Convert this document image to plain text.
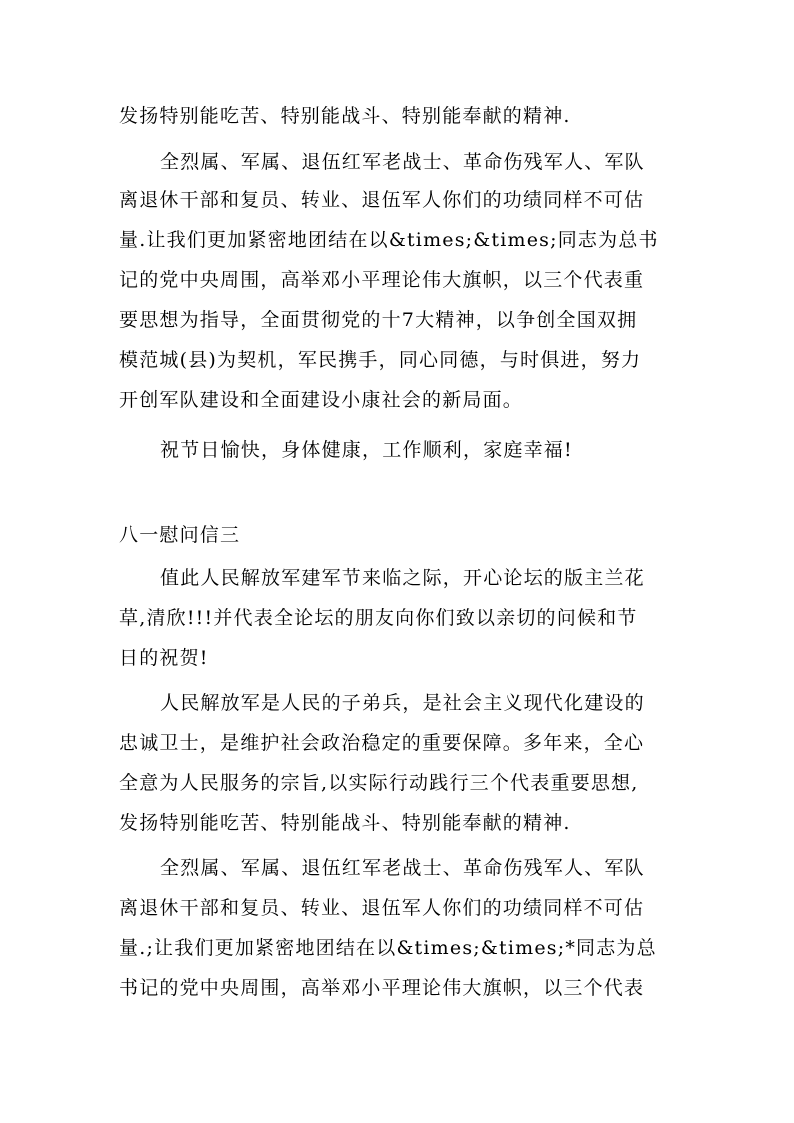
发扬特别能吃苦、特别能战斗、特别能奉献的精神.
全烈属、军属、退伍红军老战士、革命伤残军人、军队
离退休干部和复员、转业、退伍军人你们的功绩同样不可估
量.让我们更加紧密地团结在以&times;&times;同志为总书
记的党中央周围，高举邓小平理论伟大旗帜，以三个代表重
要思想为指导，全面贯彻党的十7大精神，以争创全国双拥
模范城(县)为契机，军民携手，同心同德，与时俱进，努力
开创军队建设和全面建设小康社会的新局面。
祝节日愉快，身体健康，工作顺利，家庭幸福!
八一慰问信三
值此人民解放军建军节来临之际，开心论坛的版主兰花
草,清欣!!!并代表全论坛的朋友向你们致以亲切的问候和节
日的祝贺!
人民解放军是人民的子弟兵，是社会主义现代化建设的
忠诚卫士，是维护社会政治稳定的重要保障。多年来，全心
全意为人民服务的宗旨,以实际行动践行三个代表重要思想,
发扬特别能吃苦、特别能战斗、特别能奉献的精神.
全烈属、军属、退伍红军老战士、革命伤残军人、军队
离退休干部和复员、转业、退伍军人你们的功绩同样不可估
量.;让我们更加紧密地团结在以&times;&times;*同志为总
书记的党中央周围，高举邓小平理论伟大旗帜，以三个代表
